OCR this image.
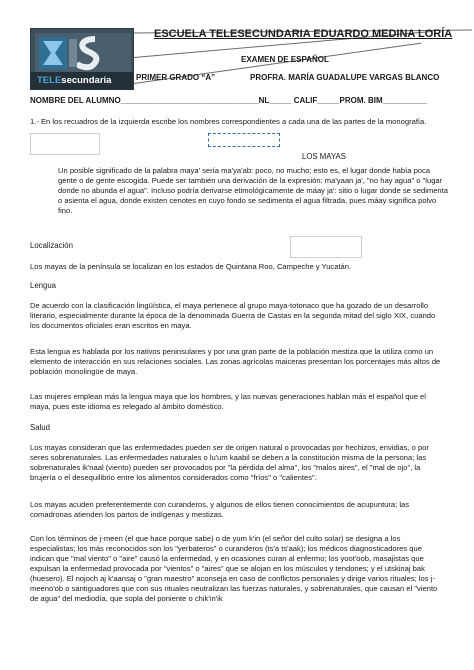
TELEsecundaria
ESCUELA TELESECUNDARIA EDUARDO MEDINA LORÍA
EXAMEN DE ESPAÑOL
PRIMER GRADO “A”	PROFRA. MARÍA GUADALUPE VARGAS BLANCO
NOMBRE DEL ALUMNO_______________________________NL_____ CALIF_____PROM. BIM__________
1.- En los recuadros de la izquierda escribe los nombres correspondientes a cada una de las partes de la monografía.
LOS MAYAS
Un posible significado de la palabra maya' sería ma'ya'ab: poco, no mucho; esto es, el lugar donde había poca gente o de gente escogida. Puede ser también una derivación de la expresión: ma'yaan ja', "no hay agua" o "lugar donde no abunda el agua". Incluso podría derivarse etimológicamente de máay ja': sitio o lugar donde se sedimenta o asienta el agua, donde existen cenotes en cuyo fondo se sedimenta el agua filtrada, pues máay significa polvo fino.
Localización
Los mayas de la península se localizan en los estados de Quintana Roo, Campeche y Yucatán.
Lengua
De acuerdo con la clasificación lingüística, el maya pertenece al grupo maya-totonaco que ha gozado de un desarrollo literario, especialmente durante la época de la denominada Guerra de Castas en la segunda mitad del siglo XIX, cuando los documentos oficiales eran escritos en maya.
Esta lengua es hablada por los nativos peninsulares y por una gran parte de la población mestiza que la utiliza como un elemento de interacción en sus relaciones sociales. Las zonas agrícolas maiceras presentan los porcentajes más altos de población monolingüe de maya.
Las mujeres emplean más la lengua maya que los hombres, y las nuevas generaciones hablan más el español que el maya, pues este idioma es relegado al ámbito doméstico.
Salud
Los mayas consideran que las enfermedades pueden ser de origen natural o provocadas por hechizos, envidias, o por seres sobrenaturales. Las enfermedades naturales o lu'um kaabil se deben a la constitución misma de la persona; las sobrenaturales ik'naal (viento) pueden ser provocados por "la pérdida del alma", los "malos aires", el "mal de ojo", la brujería o el desequilibrio entre los alimentos considerados como "fríos" o "calientes".
Los mayas acuden preferentemente con curanderos, y algunos de ellos tienen conocimientos de acupuntura; las comadronas atienden los partos de indígenas y mestizas.
Con los términos de j-meen (el que hace porque sabe) o de yum k'in (el señor del culto solar) se designa a los especialistas; los más reconocidos son los "yerbateros" o curanderos (ts'a ts'aak); los médicos diagnosticadores que indican que "mal viento" o "aire" causó la enfermedad, y en ocasiones curan al enfermo; los yoot'oob, masajistas que expulsan la enfermedad provocada por "vientos" o "aires" que se alojan en los músculos y tendones; y el utskinaj bak (huesero). El nojoch aj k'aansaj o "gran maestro" aconseja en caso de conflictos personales y dirige varios rituales; los j-meeno'ob o santiguadores que con sus rituales neutralizan las fuerzas naturales, y sobrenaturales, que causan el "viento de agua" del mediodía, que sopla del poniente o chik'in'ik
